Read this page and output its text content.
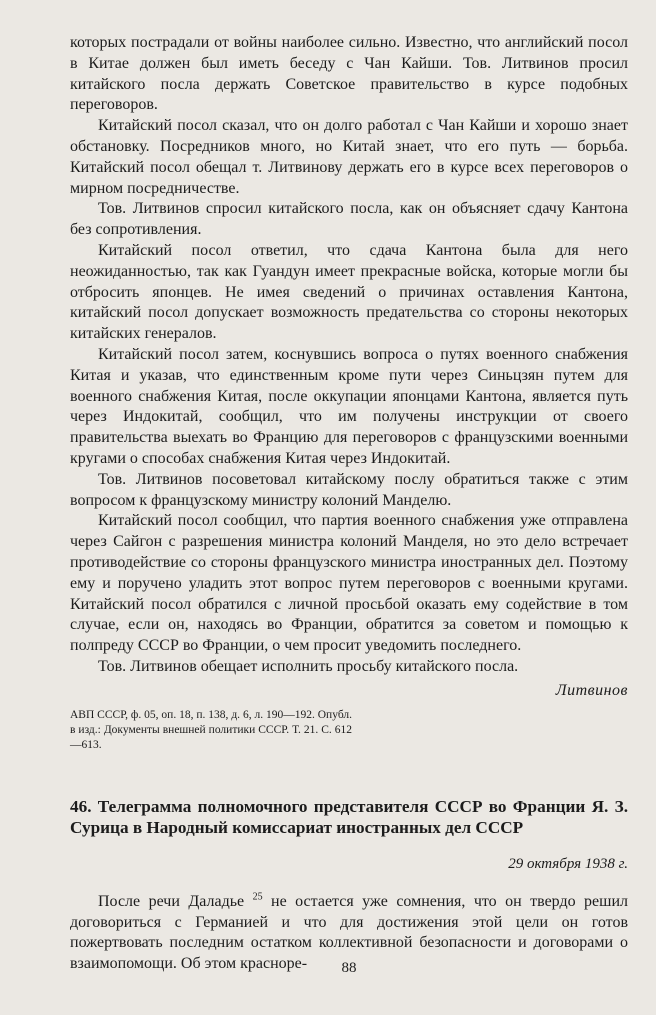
которых пострадали от войны наиболее сильно. Известно, что английский посол в Китае должен был иметь беседу с Чан Кайши. Тов. Литвинов просил китайского посла держать Советское правительство в курсе подобных переговоров.

Китайский посол сказал, что он долго работал с Чан Кайши и хорошо знает обстановку. Посредников много, но Китай знает, что его путь — борьба. Китайский посол обещал т. Литвинову держать его в курсе всех переговоров о мирном посредничестве.

Тов. Литвинов спросил китайского посла, как он объясняет сдачу Кантона без сопротивления.

Китайский посол ответил, что сдача Кантона была для него неожиданностью, так как Гуандун имеет прекрасные войска, которые могли бы отбросить японцев. Не имея сведений о причинах оставления Кантона, китайский посол допускает возможность предательства со стороны некоторых китайских генералов.

Китайский посол затем, коснувшись вопроса о путях военного снабжения Китая и указав, что единственным кроме пути через Синьцзян путем для военного снабжения Китая, после оккупации японцами Кантона, является путь через Индокитай, сообщил, что им получены инструкции от своего правительства выехать во Францию для переговоров с французскими военными кругами о способах снабжения Китая через Индокитай.

Тов. Литвинов посоветовал китайскому послу обратиться также с этим вопросом к французскому министру колоний Манделю.

Китайский посол сообщил, что партия военного снабжения уже отправлена через Сайгон с разрешения министра колоний Манделя, но это дело встречает противодействие со стороны французского министра иностранных дел. Поэтому ему и поручено уладить этот вопрос путем переговоров с военными кругами. Китайский посол обратился с личной просьбой оказать ему содействие в том случае, если он, находясь во Франции, обратится за советом и помощью к полпреду СССР во Франции, о чем просит уведомить последнего.

Тов. Литвинов обещает исполнить просьбу китайского посла.

Литвинов
АВП СССР, ф. 05, оп. 18, п. 138, д. 6, л. 190—192. Опубл. в изд.: Документы внешней политики СССР. Т. 21. С. 612—613.
46. Телеграмма полномочного представителя СССР во Франции Я. З. Сурица в Народный комиссариат иностранных дел СССР
29 октября 1938 г.

После речи Даладье $^{25}$ не остается уже сомнения, что он твердо решил договориться с Германией и что для достижения этой цели он готов пожертвовать последним остатком коллективной безопасности и договорами о взаимопомощи. Об этом красноре-	88
